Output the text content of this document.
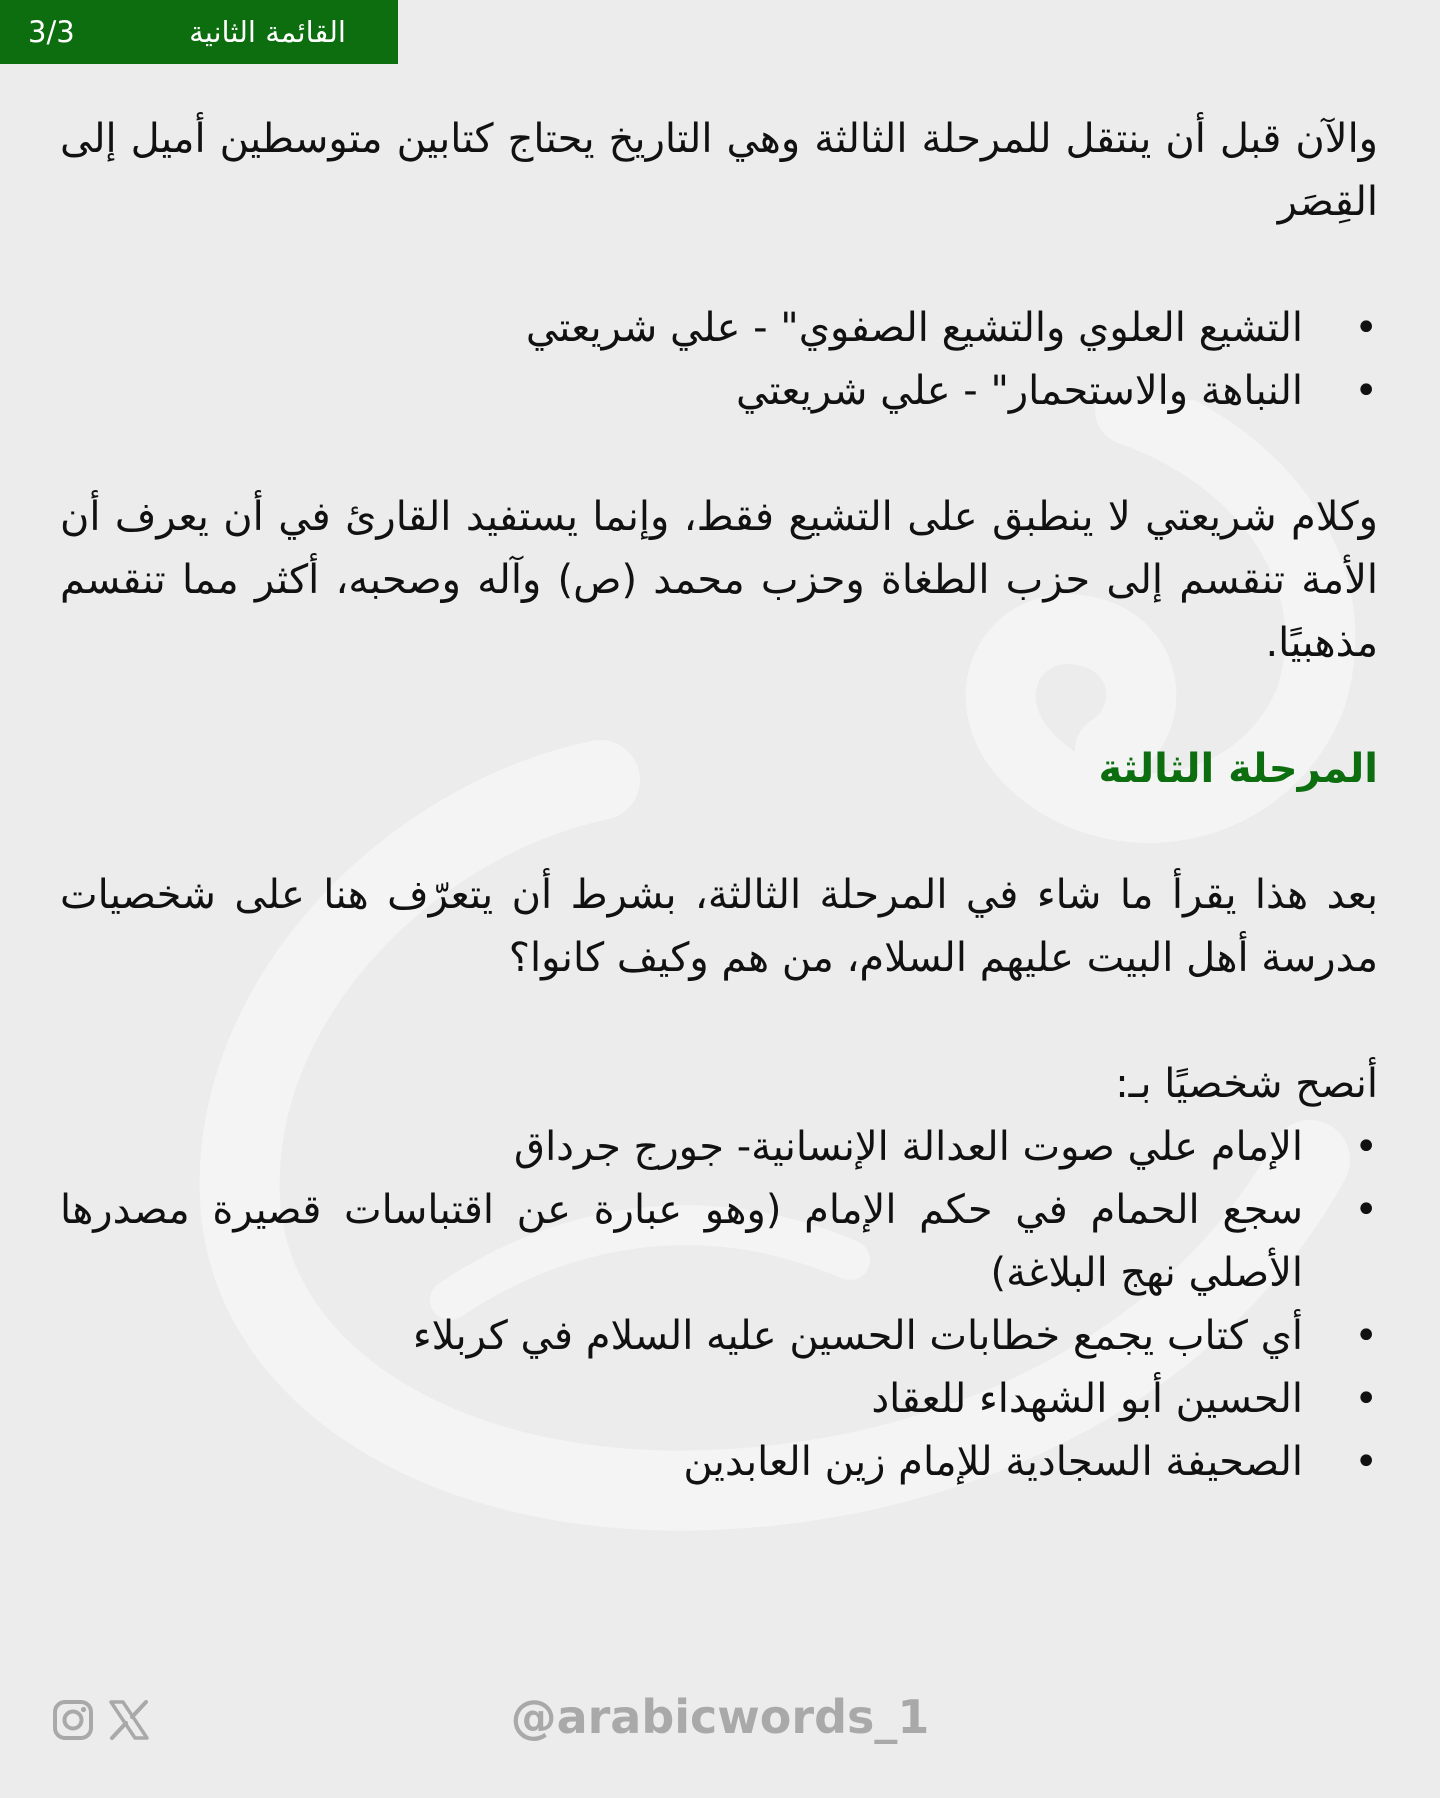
3/3	القائمة الثانية

والآن قبل أن ينتقل للمرحلة الثالثة وهي التاريخ يحتاج كتابين متوسطين أميل إلى القِصَر

•
التشيع العلوي والتشيع الصفوي" - علي شريعتي
•
النباهة والاستحمار" - علي شريعتي

وكلام شريعتي لا ينطبق على التشيع فقط، وإنما يستفيد القارئ في أن يعرف أن الأمة تنقسم إلى حزب الطغاة وحزب محمد (ص) وآله وصحبه، أكثر مما تنقسم مذهبيًا.

المرحلة الثالثة

بعد هذا يقرأ ما شاء في المرحلة الثالثة، بشرط أن يتعرّف هنا على شخصيات مدرسة أهل البيت عليهم السلام، من هم وكيف كانوا؟

أنصح شخصيًا بـ:

•
الإمام علي صوت العدالة الإنسانية- جورج جرداق
•
سجع الحمام في حكم الإمام (وهو عبارة عن اقتباسات قصيرة مصدرها الأصلي نهج البلاغة)
•
أي كتاب يجمع خطابات الحسين عليه السلام في كربلاء
•
الحسين أبو الشهداء للعقاد
•
الصحيفة السجادية للإمام زين العابدين
@arabicwords_1
